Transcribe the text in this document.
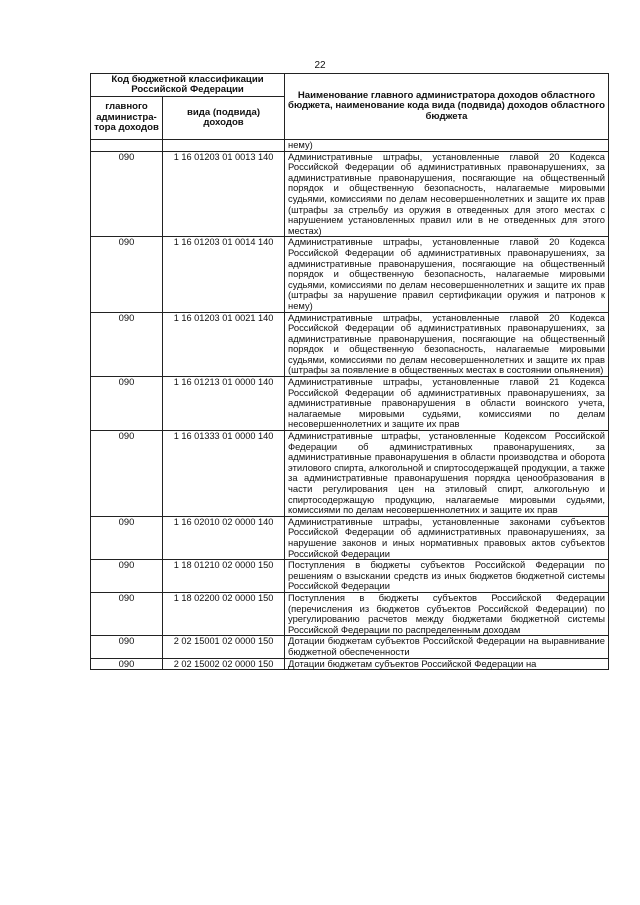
22
Код бюджетной классификации Российской Федерации		Наименование главного администратора доходов областного бюджета, наименование кода вида (подвида) доходов областного бюджета
главного администра-тора доходов	вида (подвида) доходов	
		нему)
090	1 16 01203 01 0013 140	Административные штрафы, установленные главой 20 Кодекса Российской Федерации об административных правонарушениях, за административные правонарушения, посягающие на общественный порядок и общественную безопасность, налагаемые мировыми судьями, комиссиями по делам несовершеннолетних и защите их прав (штрафы за стрельбу из оружия в отведенных для этого местах с нарушением установленных правил или в не отведенных для этого местах)
090	1 16 01203 01 0014 140	Административные штрафы, установленные главой 20 Кодекса Российской Федерации об административных правонарушениях, за административные правонарушения, посягающие на общественный порядок и общественную безопасность, налагаемые мировыми судьями, комиссиями по делам несовершеннолетних и защите их прав (штрафы за нарушение правил сертификации оружия и патронов к нему)
090	1 16 01203 01 0021 140	Административные штрафы, установленные главой 20 Кодекса Российской Федерации об административных правонарушениях, за административные правонарушения, посягающие на общественный порядок и общественную безопасность, налагаемые мировыми судьями, комиссиями по делам несовершеннолетних и защите их прав (штрафы за появление в общественных местах в состоянии опьянения)
090	1 16 01213 01 0000 140	Административные штрафы, установленные главой 21 Кодекса Российской Федерации об административных правонарушениях, за административные правонарушения в области воинского учета, налагаемые мировыми судьями, комиссиями по делам несовершеннолетних и защите их прав
090	1 16 01333 01 0000 140	Административные штрафы, установленные Кодексом Российской Федерации об административных правонарушениях, за административные правонарушения в области производства и оборота этилового спирта, алкогольной и спиртосодержащей продукции, а также за административные правонарушения порядка ценообразования в части регулирования цен на этиловый спирт, алкогольную и спиртосодержащую продукцию, налагаемые мировыми судьями, комиссиями по делам несовершеннолетних и защите их прав
090	1 16 02010 02 0000 140	Административные штрафы, установленные законами субъектов Российской Федерации об административных правонарушениях, за нарушение законов и иных нормативных правовых актов субъектов Российской Федерации
090	1 18 01210 02 0000 150	Поступления в бюджеты субъектов Российской Федерации по решениям о взыскании средств из иных бюджетов бюджетной системы Российской Федерации
090	1 18 02200 02 0000 150	Поступления в бюджеты субъектов Российской Федерации (перечисления из бюджетов субъектов Российской Федерации) по урегулированию расчетов между бюджетами бюджетной системы Российской Федерации по распределенным доходам
090	2 02 15001 02 0000 150	Дотации бюджетам субъектов Российской Федерации на выравнивание бюджетной обеспеченности
090	2 02 15002 02 0000 150	Дотации бюджетам субъектов Российской Федерации на
